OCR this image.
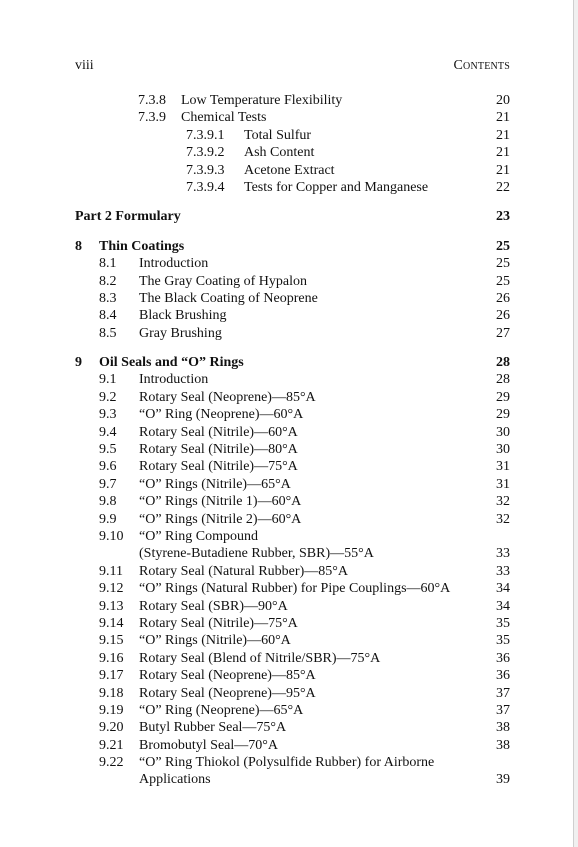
viii	Contents
7.3.8 Low Temperature Flexibility	20
7.3.9 Chemical Tests	21
7.3.9.1 Total Sulfur	21
7.3.9.2 Ash Content	21
7.3.9.3 Acetone Extract	21
7.3.9.4 Tests for Copper and Manganese	22
Part 2 Formulary	23
8 Thin Coatings	25
8.1 Introduction	25
8.2 The Gray Coating of Hypalon	25
8.3 The Black Coating of Neoprene	26
8.4 Black Brushing	26
8.5 Gray Brushing	27
9 Oil Seals and “O” Rings	28
9.1 Introduction	28
9.2 Rotary Seal (Neoprene)—85°A	29
9.3 “O” Ring (Neoprene)—60°A	29
9.4 Rotary Seal (Nitrile)—60°A	30
9.5 Rotary Seal (Nitrile)—80°A	30
9.6 Rotary Seal (Nitrile)—75°A	31
9.7 “O” Rings (Nitrile)—65°A	31
9.8 “O” Rings (Nitrile 1)—60°A	32
9.9 “O” Rings (Nitrile 2)—60°A	32
9.10 “O” Ring Compound
(Styrene-Butadiene Rubber, SBR)—55°A	33
9.11 Rotary Seal (Natural Rubber)—85°A	33
9.12 “O” Rings (Natural Rubber) for Pipe Couplings—60°A	34
9.13 Rotary Seal (SBR)—90°A	34
9.14 Rotary Seal (Nitrile)—75°A	35
9.15 “O” Rings (Nitrile)—60°A	35
9.16 Rotary Seal (Blend of Nitrile/SBR)—75°A	36
9.17 Rotary Seal (Neoprene)—85°A	36
9.18 Rotary Seal (Neoprene)—95°A	37
9.19 “O” Ring (Neoprene)—65°A	37
9.20 Butyl Rubber Seal—75°A	38
9.21 Bromobutyl Seal—70°A	38
9.22 “O” Ring Thiokol (Polysulfide Rubber) for Airborne
Applications	39
